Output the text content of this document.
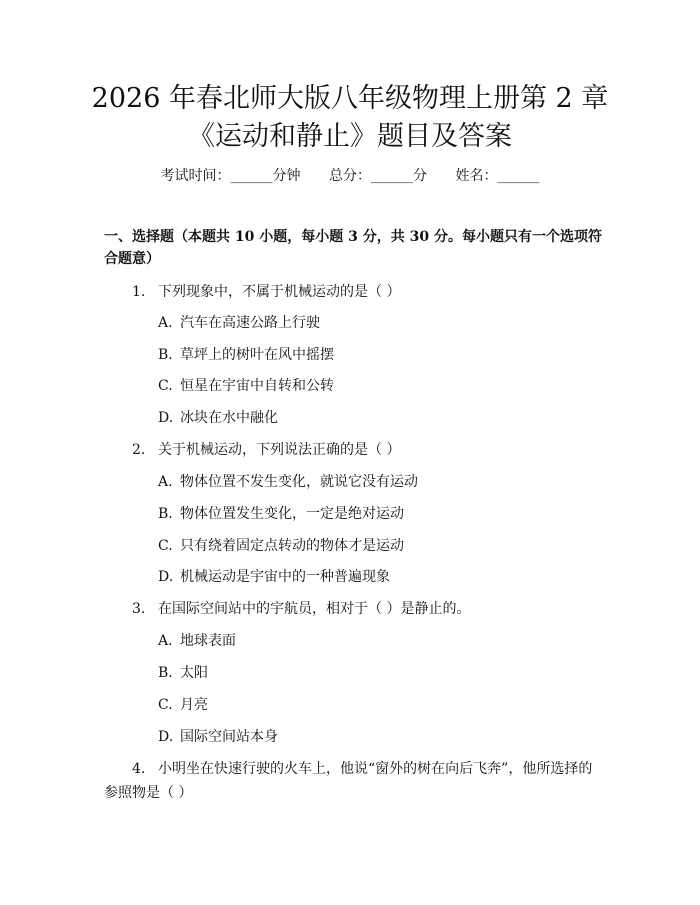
2026 年春北师大版八年级物理上册第 2 章
《运动和静止》题目及答案
考试时间：______分钟 总分：______分 姓名：______
一、选择题（本题共 10 小题，每小题 3 分，共 30 分。每小题只有一个选项符合题意）
1. 下列现象中，不属于机械运动的是（ ）
A. 汽车在高速公路上行驶
B. 草坪上的树叶在风中摇摆
C. 恒星在宇宙中自转和公转
D. 冰块在水中融化
2. 关于机械运动，下列说法正确的是（ ）
A. 物体位置不发生变化，就说它没有运动
B. 物体位置发生变化，一定是绝对运动
C. 只有绕着固定点转动的物体才是运动
D. 机械运动是宇宙中的一种普遍现象
3. 在国际空间站中的宇航员，相对于（ ）是静止的。
A. 地球表面
B. 太阳
C. 月亮
D. 国际空间站本身
4. 小明坐在快速行驶的火车上，他说“窗外的树在向后飞奔”，他所选择的
参照物是（ ）
